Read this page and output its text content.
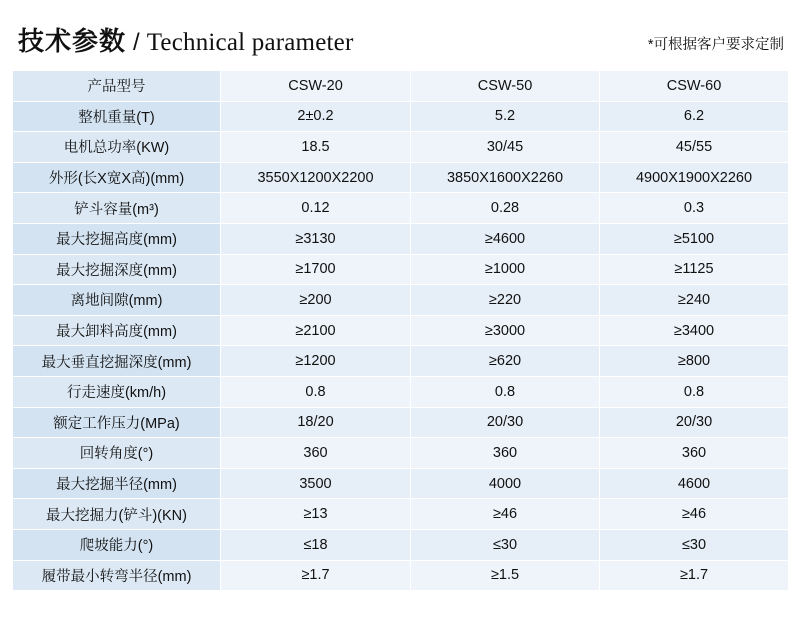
技术参数 / Technical parameter	*可根据客户要求定制
产品型号	CSW-20	CSW-50	CSW-60
整机重量(T)	2±0.2	5.2	6.2
电机总功率(KW)	18.5	30/45	45/55
外形(长X宽X高)(mm)	3550X1200X2200	3850X1600X2260	4900X1900X2260
铲斗容量(m³)	0.12	0.28	0.3
最大挖掘高度(mm)	≥3130	≥4600	≥5100
最大挖掘深度(mm)	≥1700	≥1000	≥1125
离地间隙(mm)	≥200	≥220	≥240
最大卸料高度(mm)	≥2100	≥3000	≥3400
最大垂直挖掘深度(mm)	≥1200	≥620	≥800
行走速度(km/h)	0.8	0.8	0.8
额定工作压力(MPa)	18/20	20/30	20/30
回转角度(°)	360	360	360
最大挖掘半径(mm)	3500	4000	4600
最大挖掘力(铲斗)(KN)	≥13	≥46	≥46
爬坡能力(°)	≤18	≤30	≤30
履带最小转弯半径(mm)	≥1.7	≥1.5	≥1.7
